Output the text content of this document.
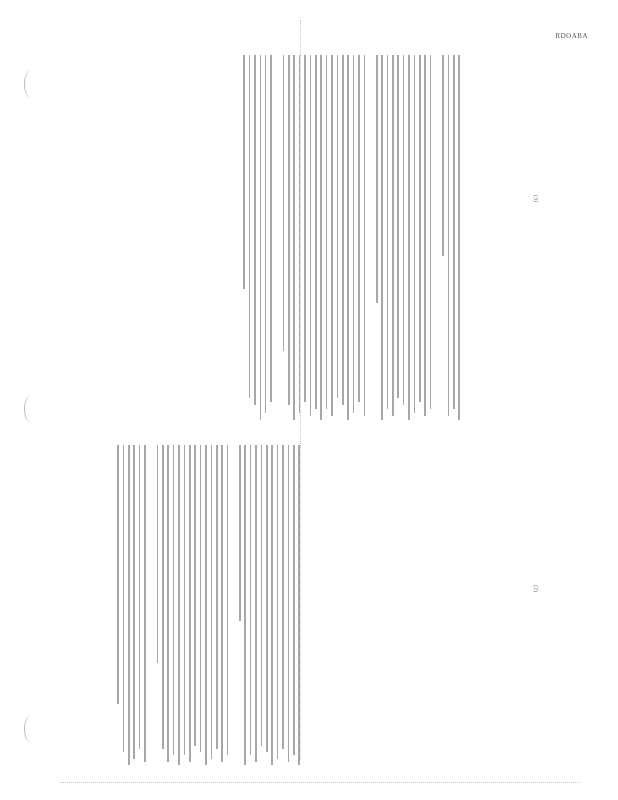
RDOABA
(2)
(3)
